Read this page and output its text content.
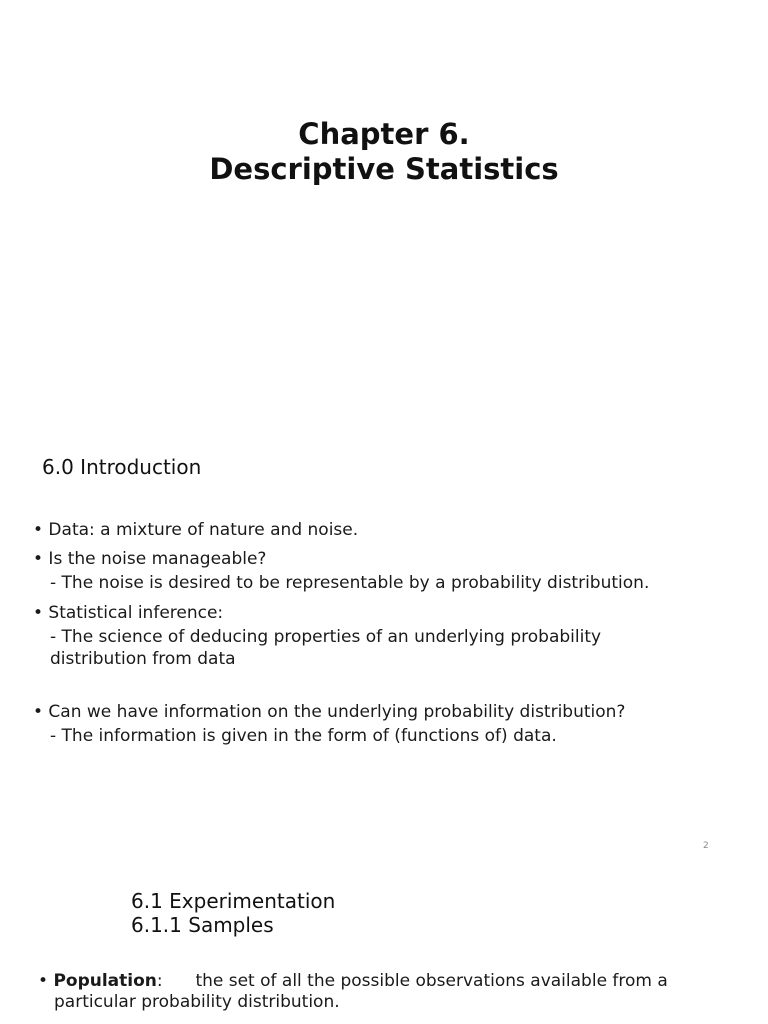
Chapter 6.
Descriptive Statistics
6.0 Introduction
• Data: a mixture of nature and noise.
• Is the noise manageable?
- The noise is desired to be representable by a probability distribution.
• Statistical inference:
- The science of deducing properties of an underlying probability
distribution from data
• Can we have information on the underlying probability distribution?
- The information is given in the form of (functions of) data.
2
6.1 Experimentation
6.1.1 Samples
• Population: the set of all the possible observations available from a
particular probability distribution.
